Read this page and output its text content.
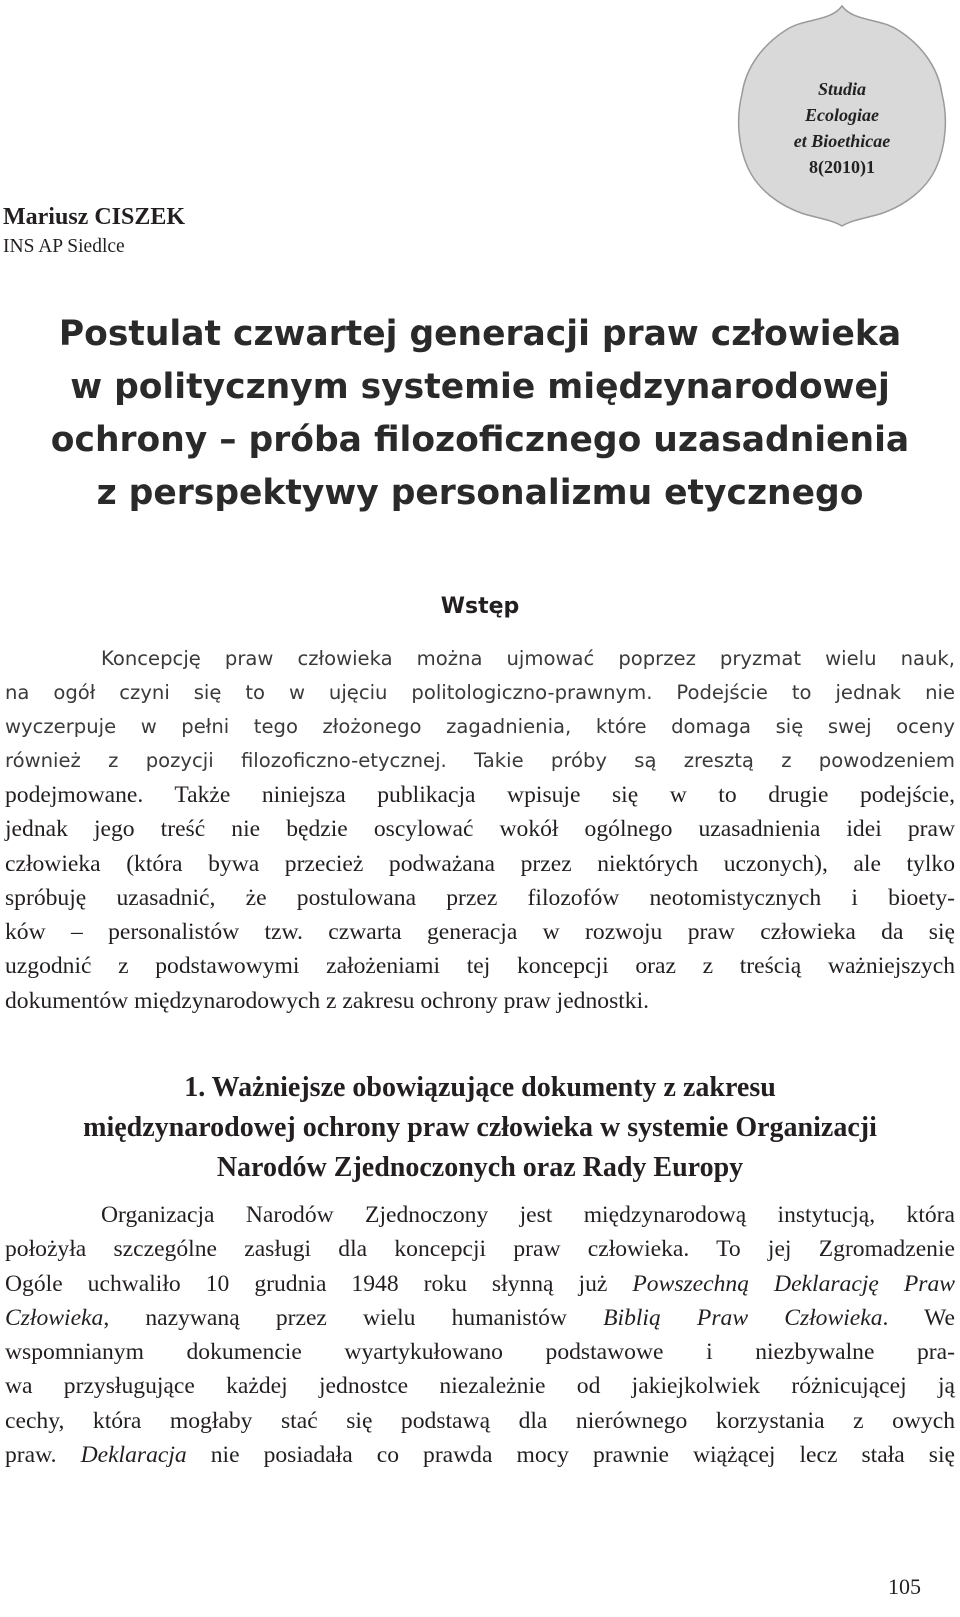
Studia
Ecologiae
et Bioethicae
8(2010)1

Mariusz CISZEK

INS AP Siedlce

Postulat czwartej generacji praw człowieka
w politycznym systemie międzynarodowej
ochrony – próba filozoficznego uzasadnienia
z perspektywy personalizmu etycznego
Wstęp
Koncepcję praw człowieka można ujmować poprzez pryzmat wielu nauk,
na ogół czyni się to w ujęciu politologiczno-prawnym. Podejście to jednak nie
wyczerpuje w pełni tego złożonego zagadnienia, które domaga się swej oceny
również z pozycji filozoficzno-etycznej. Takie próby są zresztą z powodzeniem
podejmowane. Także niniejsza publikacja wpisuje się w to drugie podejście,
jednak jego treść nie będzie oscylować wokół ogólnego uzasadnienia idei praw
człowieka (która bywa przecież podważana przez niektórych uczonych), ale tylko
spróbuję uzasadnić, że postulowana przez filozofów neotomistycznych i bioety-
ków – personalistów tzw. czwarta generacja w rozwoju praw człowieka da się
uzgodnić z podstawowymi założeniami tej koncepcji oraz z treścią ważniejszych
dokumentów międzynarodowych z zakresu ochrony praw jednostki.
1. Ważniejsze obowiązujące dokumenty z zakresu
międzynarodowej ochrony praw człowieka w systemie Organizacji
Narodów Zjednoczonych oraz Rady Europy
Organizacja Narodów Zjednoczony jest międzynarodową instytucją, która
położyła szczególne zasługi dla koncepcji praw człowieka. To jej Zgromadzenie
Ogóle uchwaliło 10 grudnia 1948 roku słynną już Powszechną Deklarację Praw
Człowieka, nazywaną przez wielu humanistów Biblią Praw Człowieka. We
wspomnianym dokumencie wyartykułowano podstawowe i niezbywalne pra-
wa przysługujące każdej jednostce niezależnie od jakiejkolwiek różnicującej ją
cechy, która mogłaby stać się podstawą dla nierównego korzystania z owych
praw. Deklaracja nie posiadała co prawda mocy prawnie wiążącej lecz stała się

105
